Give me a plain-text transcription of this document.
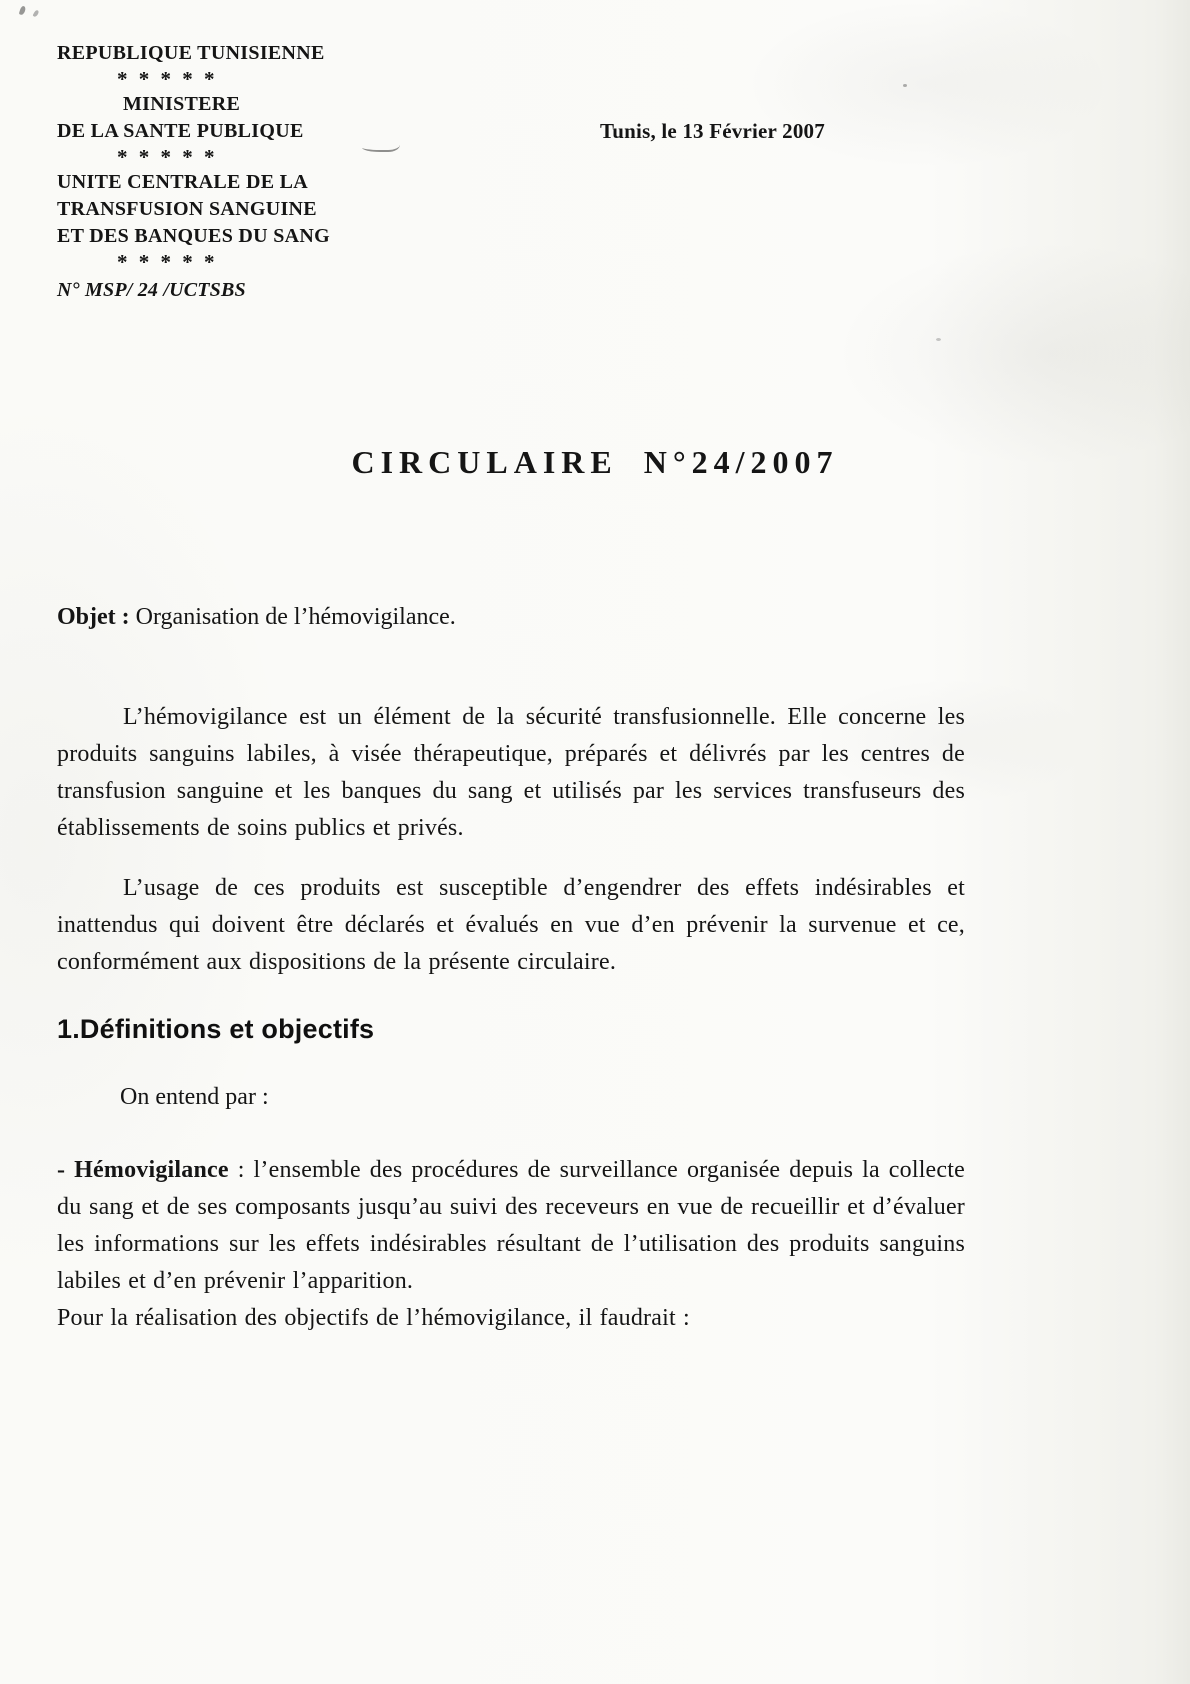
REPUBLIQUE TUNISIENNE
* * * * *
MINISTERE
DE LA SANTE PUBLIQUE
* * * * *
UNITE CENTRALE DE LA
TRANSFUSION SANGUINE
ET DES BANQUES DU SANG
* * * * *
N° MSP/ 24 /UCTSBS
Tunis, le 13 Février 2007
CIRCULAIRE N°24/2007

Objet : Organisation de l’hémovigilance.

L’hémovigilance est un élément de la sécurité transfusionnelle. Elle concerne les produits sanguins labiles, à visée thérapeutique, préparés et délivrés par les centres de transfusion sanguine et les banques du sang et utilisés par les services transfuseurs des établissements de soins publics et privés.

L’usage de ces produits est susceptible d’engendrer des effets indésirables et inattendus qui doivent être déclarés et évalués en vue d’en prévenir la survenue et ce, conformément aux dispositions de la présente circulaire.

1.Définitions et objectifs

On entend par :

- Hémovigilance : l’ensemble des procédures de surveillance organisée depuis la collecte du sang et de ses composants jusqu’au suivi des receveurs en vue de recueillir et d’évaluer les informations sur les effets indésirables résultant de l’utilisation des produits sanguins labiles et d’en prévenir l’apparition.

Pour la réalisation des objectifs de l’hémovigilance, il faudrait :
